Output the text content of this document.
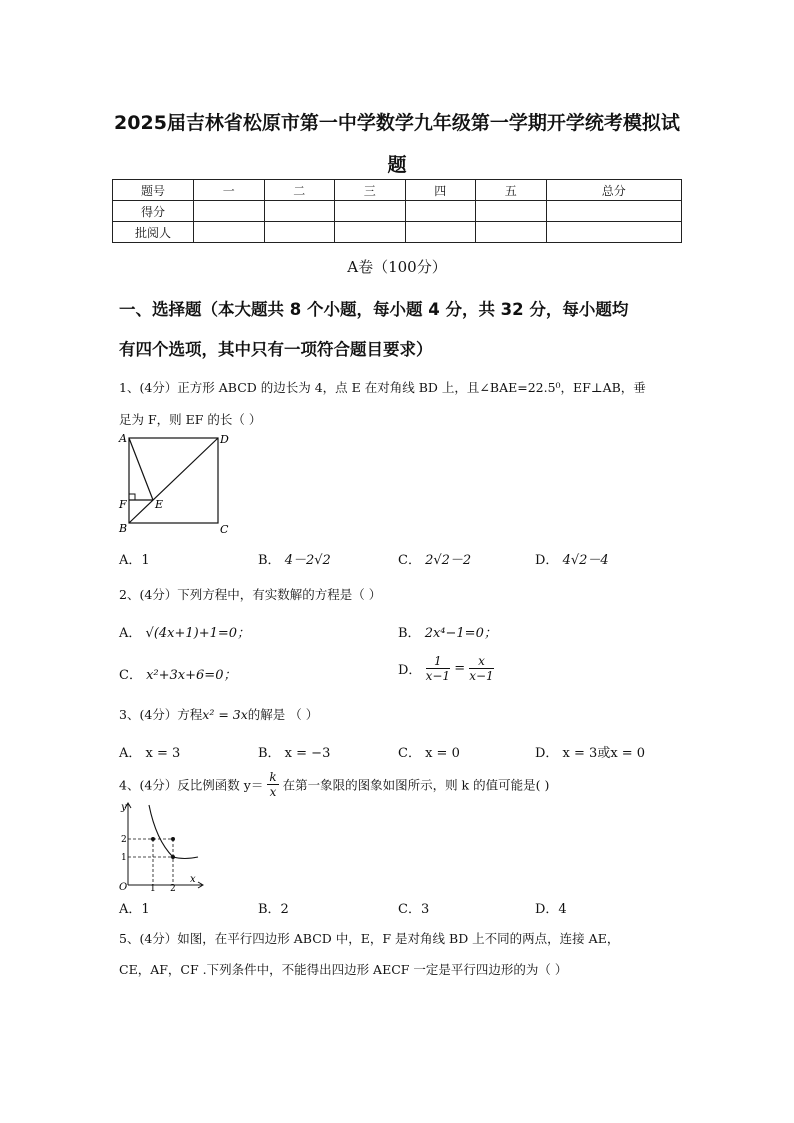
2025届吉林省松原市第一中学数学九年级第一学期开学统考模拟试
题
题号	一	二	三	四	五	总分
得分						
批阅人						
A卷（100分）
一、选择题（本大题共 8 个小题，每小题 4 分，共 32 分，每小题均
有四个选项，其中只有一项符合题目要求）
1、(4分）正方形 ABCD 的边长为 4，点 E 在对角线 BD 上，且∠BAE=22.5⁰，EF⊥AB，垂
足为 F，则 EF 的长（ ）
A	D
F	E
B	C
A．1	B． 4－2√2	C． 2√2－2	D． 4√2－4
2、(4分）下列方程中，有实数解的方程是（ ）
A． √(4x+1)+1=0；	B． 2x⁴−1=0；
C． x²+3x+6=0；	D． $\frac{1}{x-1} = \frac{x}{x-1}$
3、(4分）方程x² = 3x的解是 （ ）
A． x = 3	B． x = −3	C． x = 0	D． x = 3或x = 0
4、(4分）反比例函数 $y= \frac{k}{x}$ 在第一象限的图象如图所示，则 k 的值可能是( )
y
x
O	1 2
2
1
A．1	B．2	C．3	D．4
5、(4分）如图，在平行四边形 ABCD 中，E，F 是对角线 BD 上不同的两点，连接 AE，
CE，AF，CF .下列条件中，不能得出四边形 AECF 一定是平行四边形的为（ ）
